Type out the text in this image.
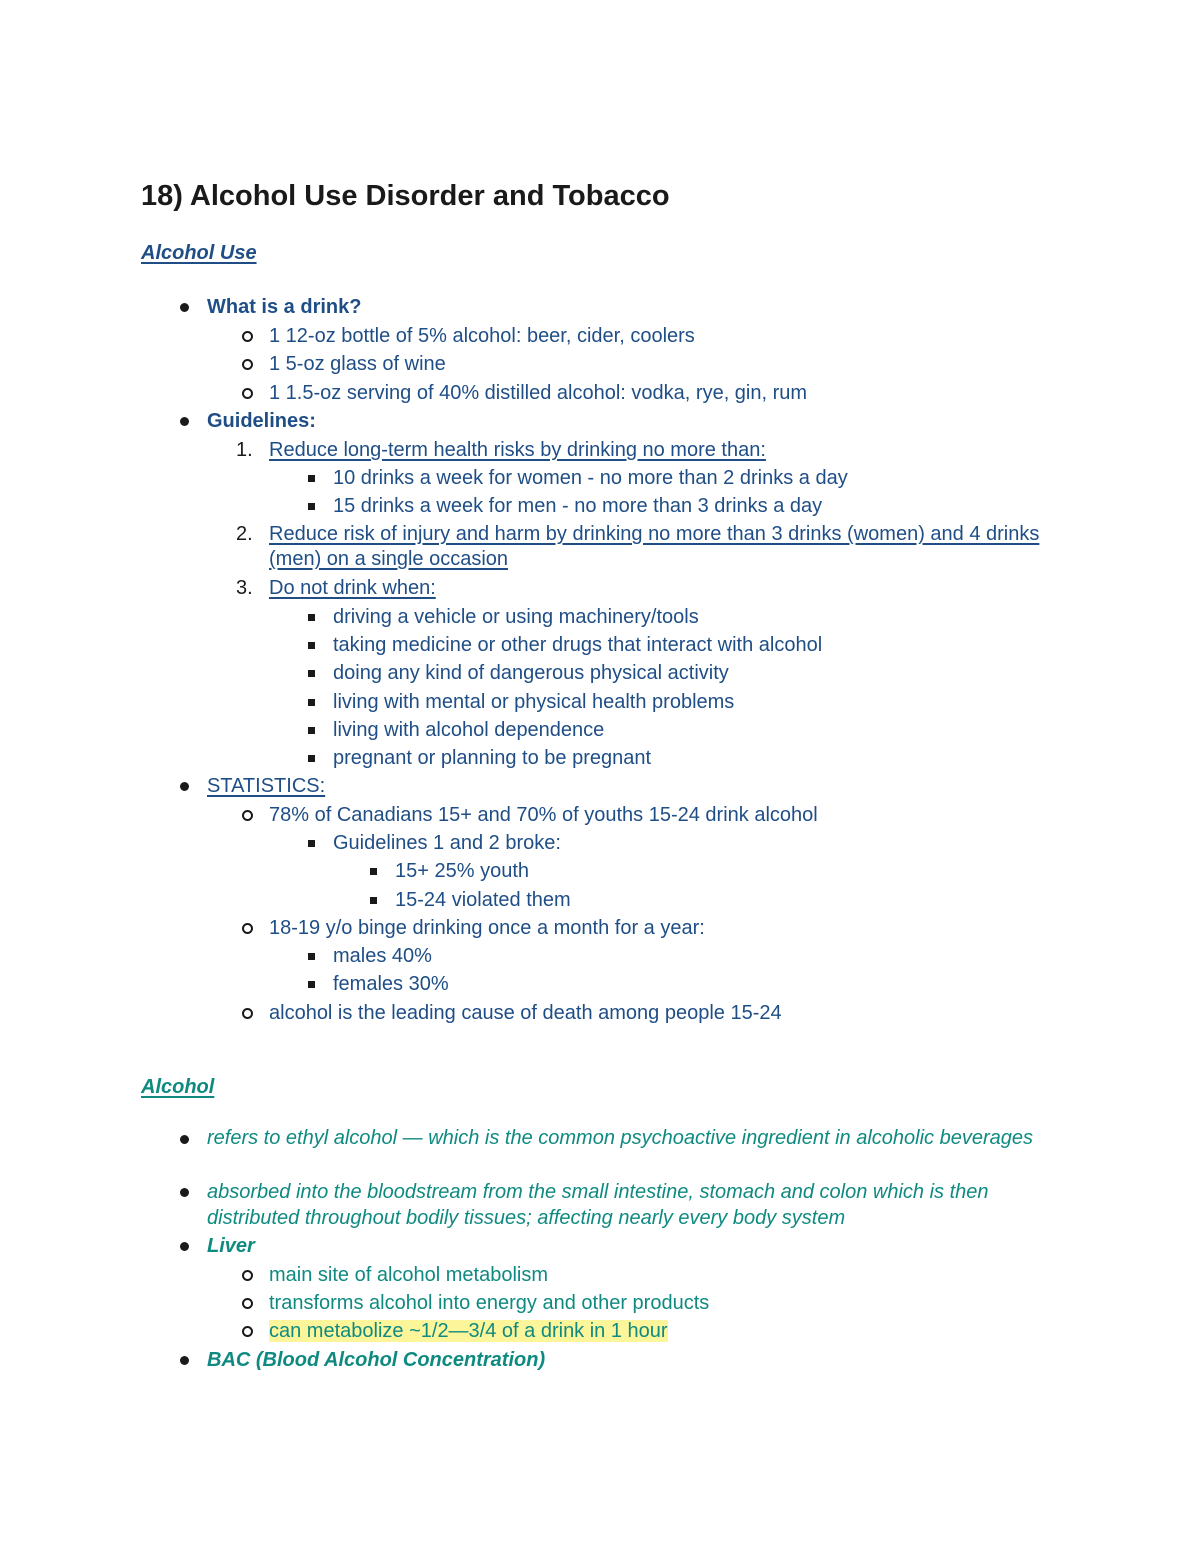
18) Alcohol Use Disorder and Tobacco
Alcohol Use
What is a drink?
1 12-oz bottle of 5% alcohol: beer, cider, coolers
1 5-oz glass of wine
1 1.5-oz serving of 40% distilled alcohol: vodka, rye, gin, rum
Guidelines:
1. Reduce long-term health risks by drinking no more than:
10 drinks a week for women - no more than 2 drinks a day
15 drinks a week for men - no more than 3 drinks a day
2. Reduce risk of injury and harm by drinking no more than 3 drinks (women) and 4 drinks (men) on a single occasion
3. Do not drink when:
driving a vehicle or using machinery/tools
taking medicine or other drugs that interact with alcohol
doing any kind of dangerous physical activity
living with mental or physical health problems
living with alcohol dependence
pregnant or planning to be pregnant
STATISTICS:
78% of Canadians 15+ and 70% of youths 15-24 drink alcohol
Guidelines 1 and 2 broke:
15+ 25% youth
15-24 violated them
18-19 y/o binge drinking once a month for a year:
males 40%
females 30%
alcohol is the leading cause of death among people 15-24
Alcohol
refers to ethyl alcohol — which is the common psychoactive ingredient in alcoholic beverages
absorbed into the bloodstream from the small intestine, stomach and colon which is then distributed throughout bodily tissues; affecting nearly every body system
Liver
main site of alcohol metabolism
transforms alcohol into energy and other products
can metabolize ~1/2—3/4 of a drink in 1 hour
BAC (Blood Alcohol Concentration)
